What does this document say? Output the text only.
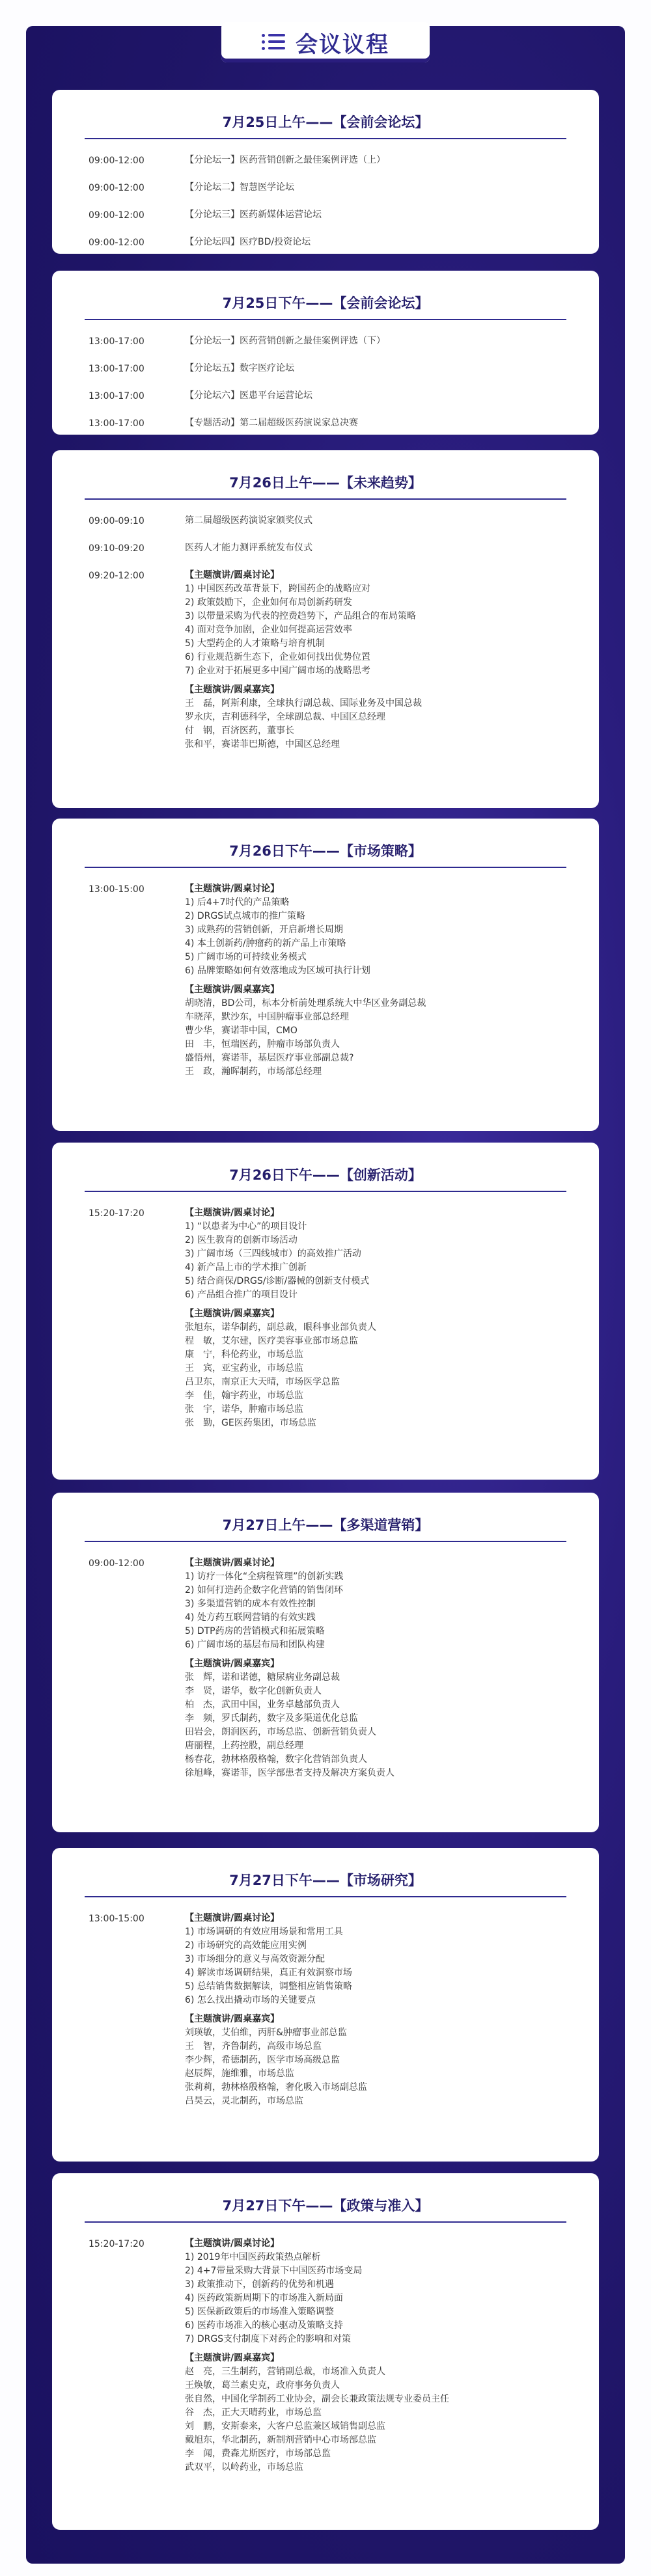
会议议程
7月25日上午——【会前会论坛】
09:00-12:00	【分论坛一】医药营销创新之最佳案例评选（上）
09:00-12:00	【分论坛二】智慧医学论坛
09:00-12:00	【分论坛三】医药新媒体运营论坛
09:00-12:00	【分论坛四】医疗BD/投资论坛
7月25日下午——【会前会论坛】
13:00-17:00	【分论坛一】医药营销创新之最佳案例评选（下）
13:00-17:00	【分论坛五】数字医疗论坛
13:00-17:00	【分论坛六】医患平台运营论坛
13:00-17:00	【专题活动】第二届超级医药演说家总决赛
7月26日上午——【未来趋势】
09:00-09:10	第二届超级医药演说家颁奖仪式
09:10-09:20	医药人才能力测评系统发布仪式
09:20-12:00	【主题演讲/圆桌讨论】
1) 中国医药改革背景下，跨国药企的战略应对
2) 政策鼓励下，企业如何布局创新药研发
3) 以带量采购为代表的控费趋势下，产品组合的布局策略
4) 面对竞争加剧，企业如何提高运营效率
5) 大型药企的人才策略与培育机制
6) 行业规范新生态下，企业如何找出优势位置
7) 企业对于拓展更多中国广阔市场的战略思考
【主题演讲/圆桌嘉宾】
王　磊，阿斯利康，全球执行副总裁、国际业务及中国总裁
罗永庆，吉利德科学，全球副总裁、中国区总经理
付　钢，百济医药，董事长
张和平，赛诺菲巴斯德，中国区总经理
7月26日下午——【市场策略】
13:00-15:00	【主题演讲/圆桌讨论】
1) 后4+7时代的产品策略
2) DRGS试点城市的推广策略
3) 成熟药的营销创新，开启新增长周期
4) 本土创新药/肿瘤药的新产品上市策略
5) 广阔市场的可持续业务模式
6) 品牌策略如何有效落地成为区域可执行计划
【主题演讲/圆桌嘉宾】
胡晓清，BD公司，标本分析前处理系统大中华区业务副总裁
车晓萍，默沙东，中国肿瘤事业部总经理
曹少华，赛诺菲中国，CMO
田　丰，恒瑞医药，肿瘤市场部负责人
盛悟州，赛诺菲，基层医疗事业部副总裁?
王　政，瀚晖制药，市场部总经理
7月26日下午——【创新活动】
15:20-17:20	【主题演讲/圆桌讨论】
1) “以患者为中心”的项目设计
2) 医生教育的创新市场活动
3) 广阔市场（三四线城市）的高效推广活动
4) 新产品上市的学术推广创新
5) 结合商保/DRGS/诊断/器械的创新支付模式
6) 产品组合推广的项目设计
【主题演讲/圆桌嘉宾】
张旭东，诺华制药，副总裁，眼科事业部负责人
程　敏，艾尔建，医疗美容事业部市场总监
康　宁，科伦药业，市场总监
王　宾，亚宝药业，市场总监
吕卫东，南京正大天晴，市场医学总监
李　佳，翰宇药业，市场总监
张　宇，诺华，肿瘤市场总监
张　勤，GE医药集团，市场总监
7月27日上午——【多渠道营销】
09:00-12:00	【主题演讲/圆桌讨论】
1) 访疗一体化“全病程管理”的创新实践
2) 如何打造药企数字化营销的销售闭环
3) 多渠道营销的成本有效性控制
4) 处方药互联网营销的有效实践
5) DTP药房的营销模式和拓展策略
6) 广阔市场的基层布局和团队构建
【主题演讲/圆桌嘉宾】
张　辉，诺和诺德，糖尿病业务副总裁
李　贤，诺华，数字化创新负责人
柏　杰，武田中国，业务卓越部负责人
李　频，罗氏制药，数字及多渠道优化总监
田岩会，朗润医药，市场总监、创新营销负责人
唐丽程，上药控股，副总经理
杨春花，勃林格殷格翰，数字化营销部负责人
徐旭峰，赛诺菲，医学部患者支持及解决方案负责人
7月27日下午——【市场研究】
13:00-15:00	【主题演讲/圆桌讨论】
1) 市场调研的有效应用场景和常用工具
2) 市场研究的高效能应用实例
3) 市场细分的意义与高效资源分配
4) 解读市场调研结果，真正有效洞察市场
5) 总结销售数据解读，调整相应销售策略
6) 怎么找出撬动市场的关键要点
【主题演讲/圆桌嘉宾】
刘瑛敏，艾伯维，丙肝&肿瘤事业部总监
王　智，齐鲁制药，高级市场总监
李少辉，希德制药，医学市场高级总监
赵辰辉，施维雅，市场总监
张莉莉，勃林格殷格翰，奢化吸入市场副总监
吕昊云，灵北制药，市场总监
7月27日下午——【政策与准入】
15:20-17:20	【主题演讲/圆桌讨论】
1) 2019年中国医药政策热点解析
2) 4+7带量采购大背景下中国医药市场变局
3) 政策推动下，创新药的优势和机遇
4) 医药政策新周期下的市场准入新局面
5) 医保新政策后的市场准入策略调整
6) 医药市场准入的核心驱动及策略支持
7) DRGS支付制度下对药企的影响和对策
【主题演讲/圆桌嘉宾】
赵　亮，三生制药，营销副总裁，市场准入负责人
王焕敏，葛兰素史克，政府事务负责人
张自然，中国化学制药工业协会，副会长兼政策法规专业委员主任
谷　杰，正大天晴药业，市场总监
刘　鹏，安斯泰来，大客户总监兼区域销售副总监
戴旭东，华北制药，新制剂营销中心市场部总监
李　闻，费森尤斯医疗，市场部总监
武双平，以岭药业，市场总监
